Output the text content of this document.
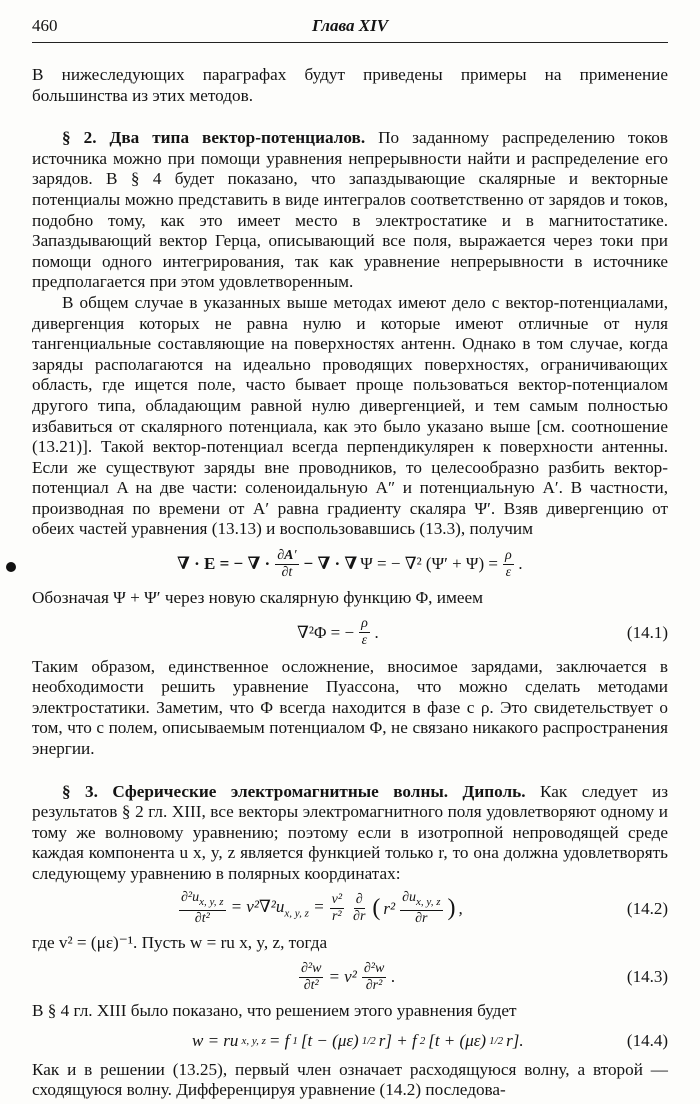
460	Глава XIV

В нижеследующих параграфах будут приведены примеры на применение большинства из этих методов.

§ 2. Два типа вектор-потенциалов. По заданному распределению токов источника можно при помощи уравнения непрерывности найти и распределение его зарядов. В § 4 будет показано, что запаздывающие скалярные и векторные потенциалы можно представить в виде интегралов соответственно от зарядов и токов, подобно тому, как это имеет место в электростатике и в магнитостатике. Запаздывающий вектор Герца, описывающий все поля, выражается через токи при помощи одного интегрирования, так как уравнение непрерывности в источнике предполагается при этом удовлетворенным.

В общем случае в указанных выше методах имеют дело с вектор-потенциалами, дивергенция которых не равна нулю и которые имеют отличные от нуля тангенциальные составляющие на поверхностях антенн. Однако в том случае, когда заряды располагаются на идеально проводящих поверхностях, ограничивающих область, где ищется поле, часто бывает проще пользоваться вектор-потенциалом другого типа, обладающим равной нулю дивергенцией, и тем самым полностью избавиться от скалярного потенциала, как это было указано выше [см. соотношение (13.21)]. Такой вектор-потенциал всегда перпендикулярен к поверхности антенны. Если же существуют заряды вне проводников, то целесообразно разбить вектор-потенциал A на две части: соленоидальную A″ и потенциальную A′. В частности, производная по времени от A′ равна градиенту скаляра Ψ′. Взяв дивергенцию от обеих частей уравнения (13.13) и воспользовавшись (13.3), получим

∇ · E = − ∇ · $\frac{\partial A'}{\partial t}$ − ∇ · ∇ Ψ = − ∇² $(\Psi' + \Psi) = \frac{\rho}{\varepsilon}$ .

Обозначая Ψ + Ψ′ через новую скалярную функцию Φ, имеем

∇²Φ = − $\frac{\rho}{\varepsilon}$ .	(14.1)

Таким образом, единственное осложнение, вносимое зарядами, заключается в необходимости решить уравнение Пуассона, что можно сделать методами электростатики. Заметим, что Φ всегда находится в фазе с ρ. Это свидетельствует о том, что с полем, описываемым потенциалом Φ, не связано никакого распространения энергии.

§ 3. Сферические электромагнитные волны. Диполь. Как следует из результатов § 2 гл. XIII, все векторы электромагнитного поля удовлетворяют одному и тому же волновому уравнению; поэтому если в изотропной непроводящей среде каждая компонента u x, y, z является функцией только r, то она должна удовлетворять следующему уравнению в полярных координатах:

$\frac{\partial^2u_{x, y, z}}{\text{∂t²}} = v^2\nabla^2u_{x, y, z} = \frac{\text{v²}}{\text{r²}} \frac{\partial}{\partial r}$ ( $r^2 \frac{\partial u_{x, y, z}}{\partial r}$ ) ,	(14.2)

где v² = (με)⁻¹. Пусть w = ru x, y, z, тогда

$\frac{\text{∂²w}}{\text{∂t²}} = v^2 \frac{\text{∂²w}}{\text{∂r²}}$ .	(14.3)

В § 4 гл. XIII было показано, что решением этого уравнения будет

w = ru x, y, z = f 1 [t − (με) 1/2 r] + f 2 [t + (με) 1/2 r].	(14.4)

Как и в решении (13.25), первый член означает расходящуюся волну, а второй — сходящуюся волну. Дифференцируя уравнение (14.2) последова-
